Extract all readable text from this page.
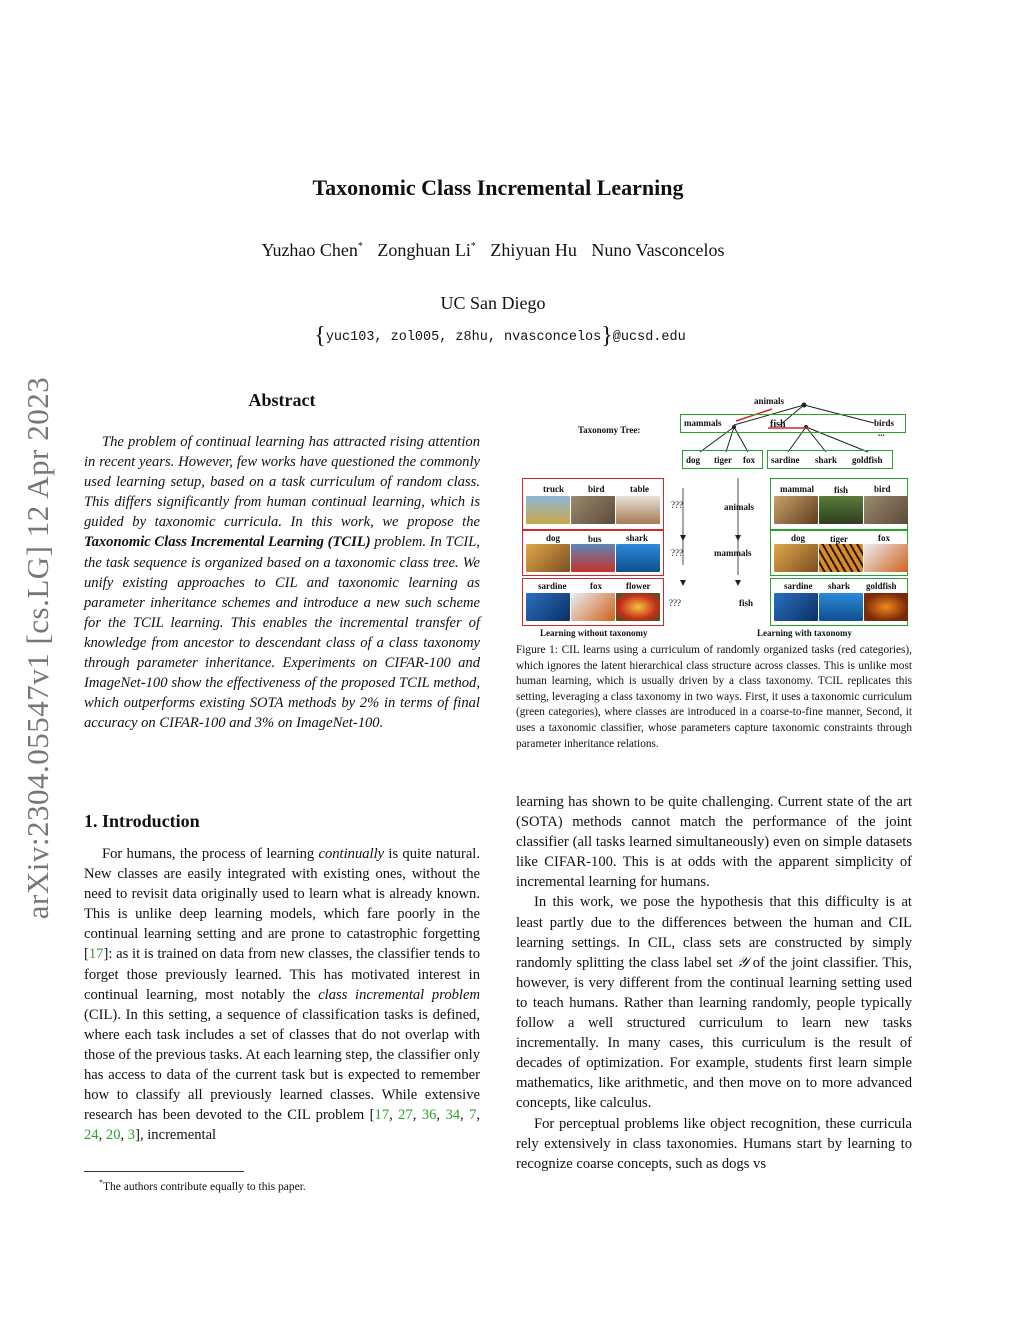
arXiv:2304.05547v1 [cs.LG] 12 Apr 2023
Taxonomic Class Incremental Learning
Yuzhao Chen* Zonghuan Li* Zhiyuan Hu Nuno Vasconcelos
UC San Diego
{yuc103, zol005, z8hu, nvasconcelos}@ucsd.edu
Abstract
The problem of continual learning has attracted rising attention in recent years. However, few works have questioned the commonly used learning setup, based on a task curriculum of random class. This differs significantly from human continual learning, which is guided by taxonomic curricula. In this work, we propose the Taxonomic Class Incremental Learning (TCIL) problem. In TCIL, the task sequence is organized based on a taxonomic class tree. We unify existing approaches to CIL and taxonomic learning as parameter inheritance schemes and introduce a new such scheme for the TCIL learning. This enables the incremental transfer of knowledge from ancestor to descendant class of a class taxonomy through parameter inheritance. Experiments on CIFAR-100 and ImageNet-100 show the effectiveness of the proposed TCIL method, which outperforms existing SOTA methods by 2% in terms of final accuracy on CIFAR-100 and 3% on ImageNet-100.
1. Introduction
For humans, the process of learning continually is quite natural. New classes are easily integrated with existing ones, without the need to revisit data originally used to learn what is already known. This is unlike deep learning models, which fare poorly in the continual learning setting and are prone to catastrophic forgetting [17]: as it is trained on data from new classes, the classifier tends to forget those previously learned. This has motivated interest in continual learning, most notably the class incremental problem (CIL). In this setting, a sequence of classification tasks is defined, where each task includes a set of classes that do not overlap with those of the previous tasks. At each learning step, the classifier only has access to data of the current task but is expected to remember how to classify all previously learned classes. While extensive research has been devoted to the CIL problem [17, 27, 36, 34, 7, 24, 20, 3], incremental
*The authors contribute equally to this paper.
Taxonomy Tree:
animals
mammals	fish	birds
...
dog tiger fox sardine shark goldfish
truck	bird	table
dog	bus	shark
sardine	fox	flower
???
???
???
animals
mammals
fish
mammal fish	bird
dog	tiger	fox
sardine shark goldfish
Learning without taxonomy	Learning with taxonomy
Figure 1: CIL learns using a curriculum of randomly organized tasks (red categories), which ignores the latent hierarchical class structure across classes. This is unlike most human learning, which is usually driven by a class taxonomy. TCIL replicates this setting, leveraging a class taxonomy in two ways. First, it uses a taxonomic curriculum (green categories), where classes are introduced in a coarse-to-fine manner, Second, it uses a taxonomic classifier, whose parameters capture taxonomic constraints through parameter inheritance relations.

learning has shown to be quite challenging. Current state of the art (SOTA) methods cannot match the performance of the joint classifier (all tasks learned simultaneously) even on simple datasets like CIFAR-100. This is at odds with the apparent simplicity of incremental learning for humans.

In this work, we pose the hypothesis that this difficulty is at least partly due to the differences between the human and CIL learning settings. In CIL, class sets are constructed by simply randomly splitting the class label set 𝒴 of the joint classifier. This, however, is very different from the continual learning setting used to teach humans. Rather than learning randomly, people typically follow a well structured curriculum to learn new tasks incrementally. In many cases, this curriculum is the result of decades of optimization. For example, students first learn simple mathematics, like arithmetic, and then move on to more advanced concepts, like calculus.

For perceptual problems like object recognition, these curricula rely extensively in class taxonomies. Humans start by learning to recognize coarse concepts, such as dogs vs
